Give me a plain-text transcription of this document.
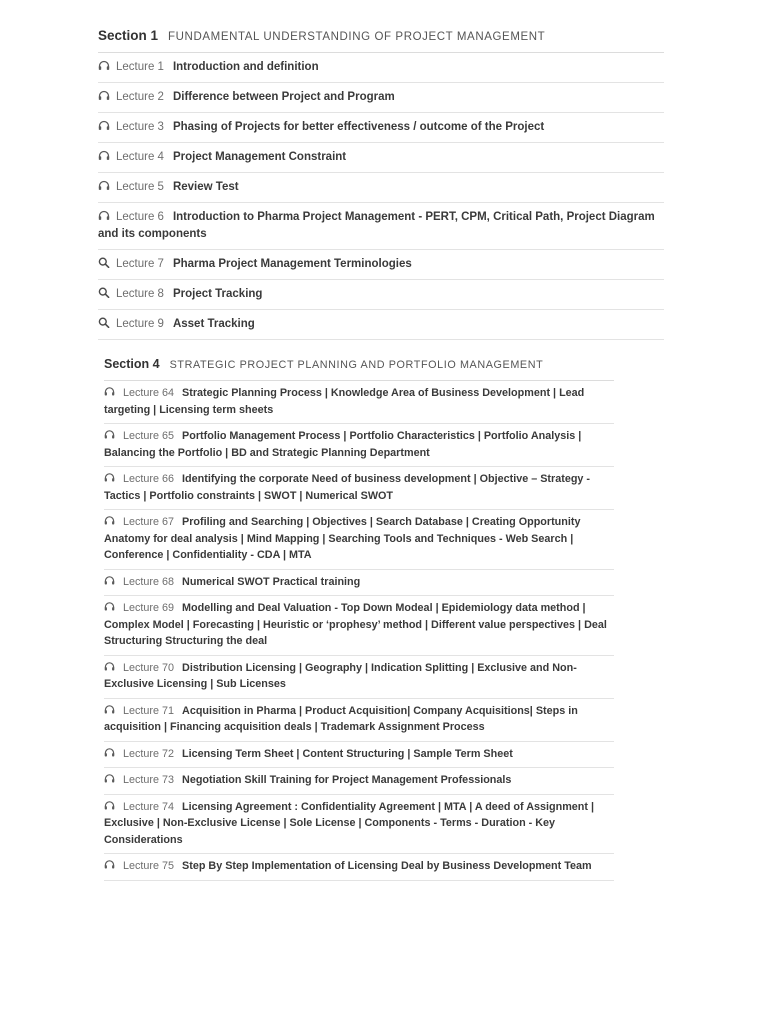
Section 1 FUNDAMENTAL UNDERSTANDING OF PROJECT MANAGEMENT
Lecture 1 Introduction and definition
Lecture 2 Difference between Project and Program
Lecture 3 Phasing of Projects for better effectiveness / outcome of the Project
Lecture 4 Project Management Constraint
Lecture 5 Review Test
Lecture 6 Introduction to Pharma Project Management - PERT, CPM, Critical Path, Project Diagram and its components
Lecture 7 Pharma Project Management Terminologies
Lecture 8 Project Tracking
Lecture 9 Asset Tracking
Section 4 STRATEGIC PROJECT PLANNING AND PORTFOLIO MANAGEMENT
Lecture 64 Strategic Planning Process | Knowledge Area of Business Development | Lead targeting | Licensing term sheets
Lecture 65 Portfolio Management Process | Portfolio Characteristics | Portfolio Analysis | Balancing the Portfolio | BD and Strategic Planning Department
Lecture 66 Identifying the corporate Need of business development | Objective – Strategy - Tactics | Portfolio constraints | SWOT | Numerical SWOT
Lecture 67 Profiling and Searching | Objectives | Search Database | Creating Opportunity Anatomy for deal analysis | Mind Mapping | Searching Tools and Techniques - Web Search | Conference | Confidentiality - CDA | MTA
Lecture 68 Numerical SWOT Practical training
Lecture 69 Modelling and Deal Valuation - Top Down Modeal | Epidemiology data method | Complex Model | Forecasting | Heuristic or ‘prophesy’ method | Different value perspectives | Deal Structuring Structuring the deal
Lecture 70 Distribution Licensing | Geography | Indication Splitting | Exclusive and Non-Exclusive Licensing | Sub Licenses
Lecture 71 Acquisition in Pharma | Product Acquisition| Company Acquisitions| Steps in acquisition | Financing acquisition deals | Trademark Assignment Process
Lecture 72 Licensing Term Sheet | Content Structuring | Sample Term Sheet
Lecture 73 Negotiation Skill Training for Project Management Professionals
Lecture 74 Licensing Agreement : Confidentiality Agreement | MTA | A deed of Assignment | Exclusive | Non-Exclusive License | Sole License | Components - Terms - Duration - Key Considerations
Lecture 75 Step By Step Implementation of Licensing Deal by Business Development Team
